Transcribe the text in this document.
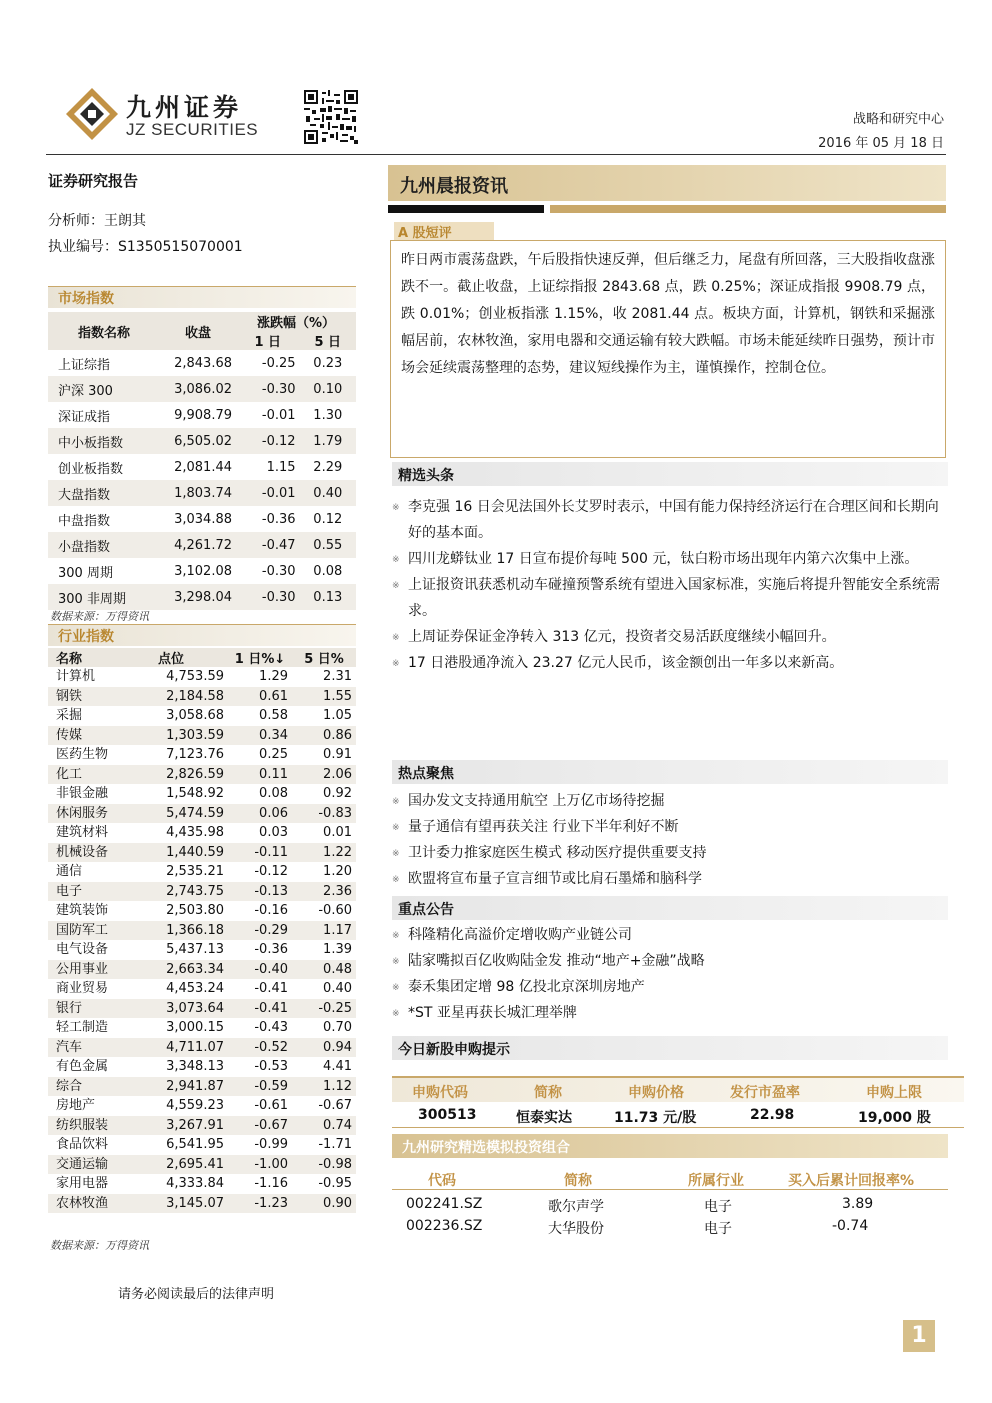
九州证券
JZ SECURITIES
战略和研究中心
2016 年 05 月 18 日
证券研究报告
分析师：王朗其
执业编号：S1350515070001
市场指数
指数名称	收盘	涨跌幅（%）	
		1 日	5 日
上证综指	2,843.68	-0.25	0.23
沪深 300	3,086.02	-0.30	0.10
深证成指	9,908.79	-0.01	1.30
中小板指数	6,505.02	-0.12	1.79
创业板指数	2,081.44	1.15	2.29
大盘指数	1,803.74	-0.01	0.40
中盘指数	3,034.88	-0.36	0.12
小盘指数	4,261.72	-0.47	0.55
300 周期	3,102.08	-0.30	0.08
300 非周期	3,298.04	-0.30	0.13
数据来源：万得资讯
行业指数
名称	点位	1 日%↓	5 日%
计算机	4,753.59	1.29	2.31
钢铁	2,184.58	0.61	1.55
采掘	3,058.68	0.58	1.05
传媒	1,303.59	0.34	0.86
医药生物	7,123.76	0.25	0.91
化工	2,826.59	0.11	2.06
非银金融	1,548.92	0.08	0.92
休闲服务	5,474.59	0.06	-0.83
建筑材料	4,435.98	0.03	0.01
机械设备	1,440.59	-0.11	1.22
通信	2,535.21	-0.12	1.20
电子	2,743.75	-0.13	2.36
建筑装饰	2,503.80	-0.16	-0.60
国防军工	1,366.18	-0.29	1.17
电气设备	5,437.13	-0.36	1.39
公用事业	2,663.34	-0.40	0.48
商业贸易	4,453.24	-0.41	0.40
银行	3,073.64	-0.41	-0.25
轻工制造	3,000.15	-0.43	0.70
汽车	4,711.07	-0.52	0.94
有色金属	3,348.13	-0.53	4.41
综合	2,941.87	-0.59	1.12
房地产	4,559.23	-0.61	-0.67
纺织服装	3,267.91	-0.67	0.74
食品饮料	6,541.95	-0.99	-1.71
交通运输	2,695.41	-1.00	-0.98
家用电器	4,333.84	-1.16	-0.95
农林牧渔	3,145.07	-1.23	0.90
数据来源：万得资讯
请务必阅读最后的法律声明
九州晨报资讯
A 股短评
昨日两市震荡盘跌，午后股指快速反弹，但后继乏力，尾盘有所回落，三大股指收盘涨跌不一。截止收盘，上证综指报 2843.68 点，跌 0.25%；深证成指报 9908.79 点，跌 0.01%；创业板指涨 1.15%，收 2081.44 点。板块方面，计算机，钢铁和采掘涨幅居前，农林牧渔，家用电器和交通运输有较大跌幅。市场未能延续昨日强势，预计市场会延续震荡整理的态势，建议短线操作为主，谨慎操作，控制仓位。
精选头条
※ 李克强 16 日会见法国外长艾罗时表示，中国有能力保持经济运行在合理区间和长期向好的基本面。
※ 四川龙蟒钛业 17 日宣布提价每吨 500 元，钛白粉市场出现年内第六次集中上涨。
※ 上证报资讯获悉机动车碰撞预警系统有望进入国家标准，实施后将提升智能安全系统需求。
※ 上周证券保证金净转入 313 亿元，投资者交易活跃度继续小幅回升。
※ 17 日港股通净流入 23.27 亿元人民币，该金额创出一年多以来新高。
热点聚焦
※ 国办发文支持通用航空 上万亿市场待挖掘
※ 量子通信有望再获关注 行业下半年利好不断
※ 卫计委力推家庭医生模式 移动医疗提供重要支持
※ 欧盟将宣布量子宣言细节或比肩石墨烯和脑科学
重点公告
※ 科隆精化高溢价定增收购产业链公司
※ 陆家嘴拟百亿收购陆金发 推动“地产+金融”战略
※ 泰禾集团定增 98 亿投北京深圳房地产
※ *ST 亚星再获长城汇理举牌
今日新股申购提示
申购代码	简称	申购价格	发行市盈率	申购上限
300513	恒泰实达	11.73 元/股	22.98	19,000 股
九州研究精选模拟投资组合
代码	简称	所属行业	买入后累计回报率%
002241.SZ	歌尔声学	电子	3.89
002236.SZ	大华股份	电子	-0.74
1
